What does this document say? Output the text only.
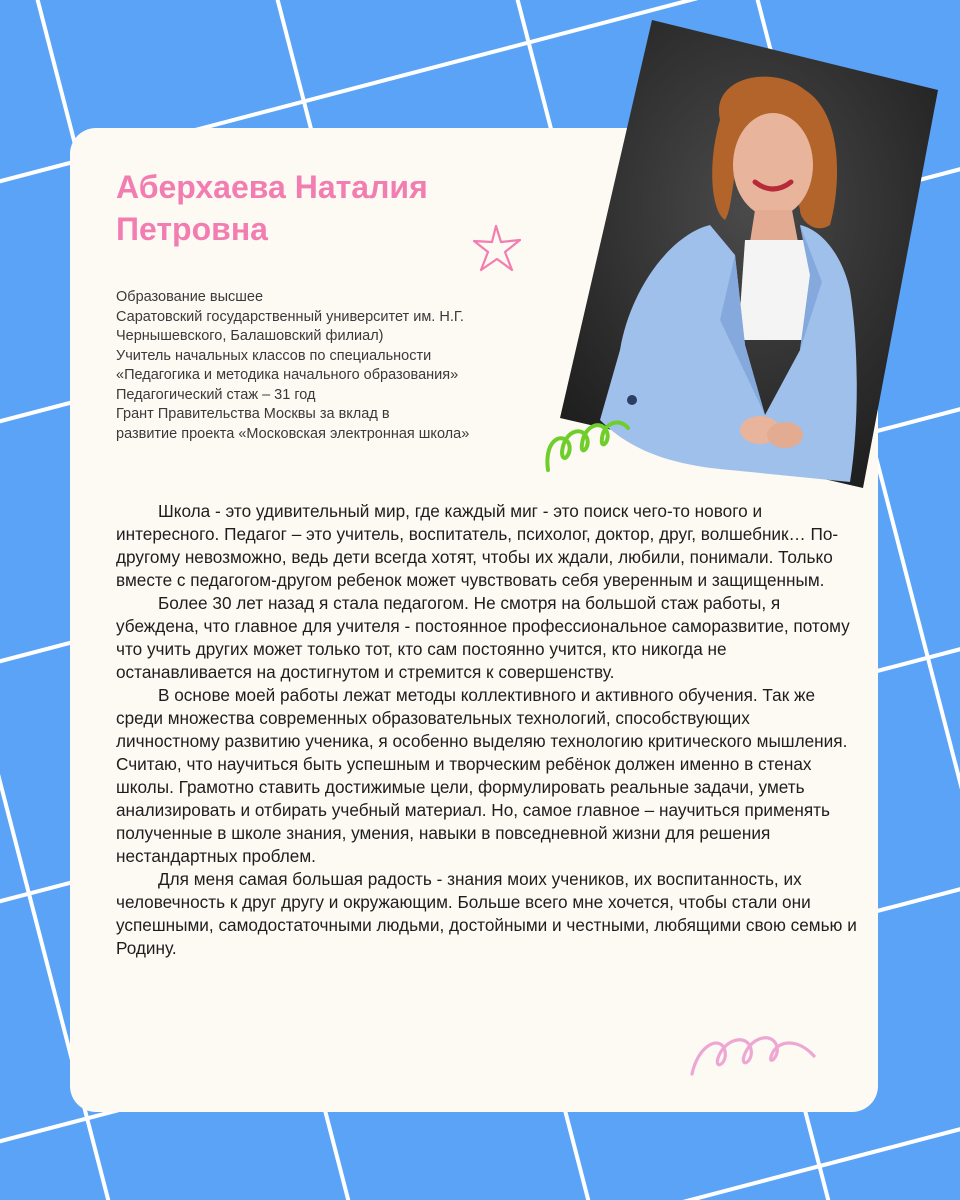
Аберхаева Наталия
Петровна
Образование высшее
Саратовский государственный университет им. Н.Г.
Чернышевского, Балашовский филиал)
Учитель начальных классов по специальности
«Педагогика и методика начального образования»
Педагогический стаж – 31 год
Грант Правительства Москвы за вклад в
развитие проекта «Московская электронная школа»

Школа - это удивительный мир, где каждый миг - это поиск чего-то нового и интересного. Педагог – это учитель, воспитатель, психолог, доктор, друг, волшебник… По-другому невозможно, ведь дети всегда хотят, чтобы их ждали, любили, понимали. Только вместе с педагогом-другом ребенок может чувствовать себя уверенным и защищенным.

Более 30 лет назад я стала педагогом. Не смотря на большой стаж работы, я убеждена, что главное для учителя - постоянное профессиональное саморазвитие, потому что учить других может только тот, кто сам постоянно учится, кто никогда не останавливается на достигнутом и стремится к совершенству.

В основе моей работы лежат методы коллективного и активного обучения. Так же среди множества современных образовательных технологий, способствующих личностному развитию ученика, я особенно выделяю технологию критического мышления. Считаю, что научиться быть успешным и творческим ребёнок должен именно в стенах школы. Грамотно ставить достижимые цели, формулировать реальные задачи, уметь анализировать и отбирать учебный материал. Но, самое главное – научиться применять полученные в школе знания, умения, навыки в повседневной жизни для решения нестандартных проблем.

Для меня самая большая радость - знания моих учеников, их воспитанность, их человечность к друг другу и окружающим. Больше всего мне хочется, чтобы стали они успешными, самодостаточными людьми, достойными и честными, любящими свою семью и Родину.
